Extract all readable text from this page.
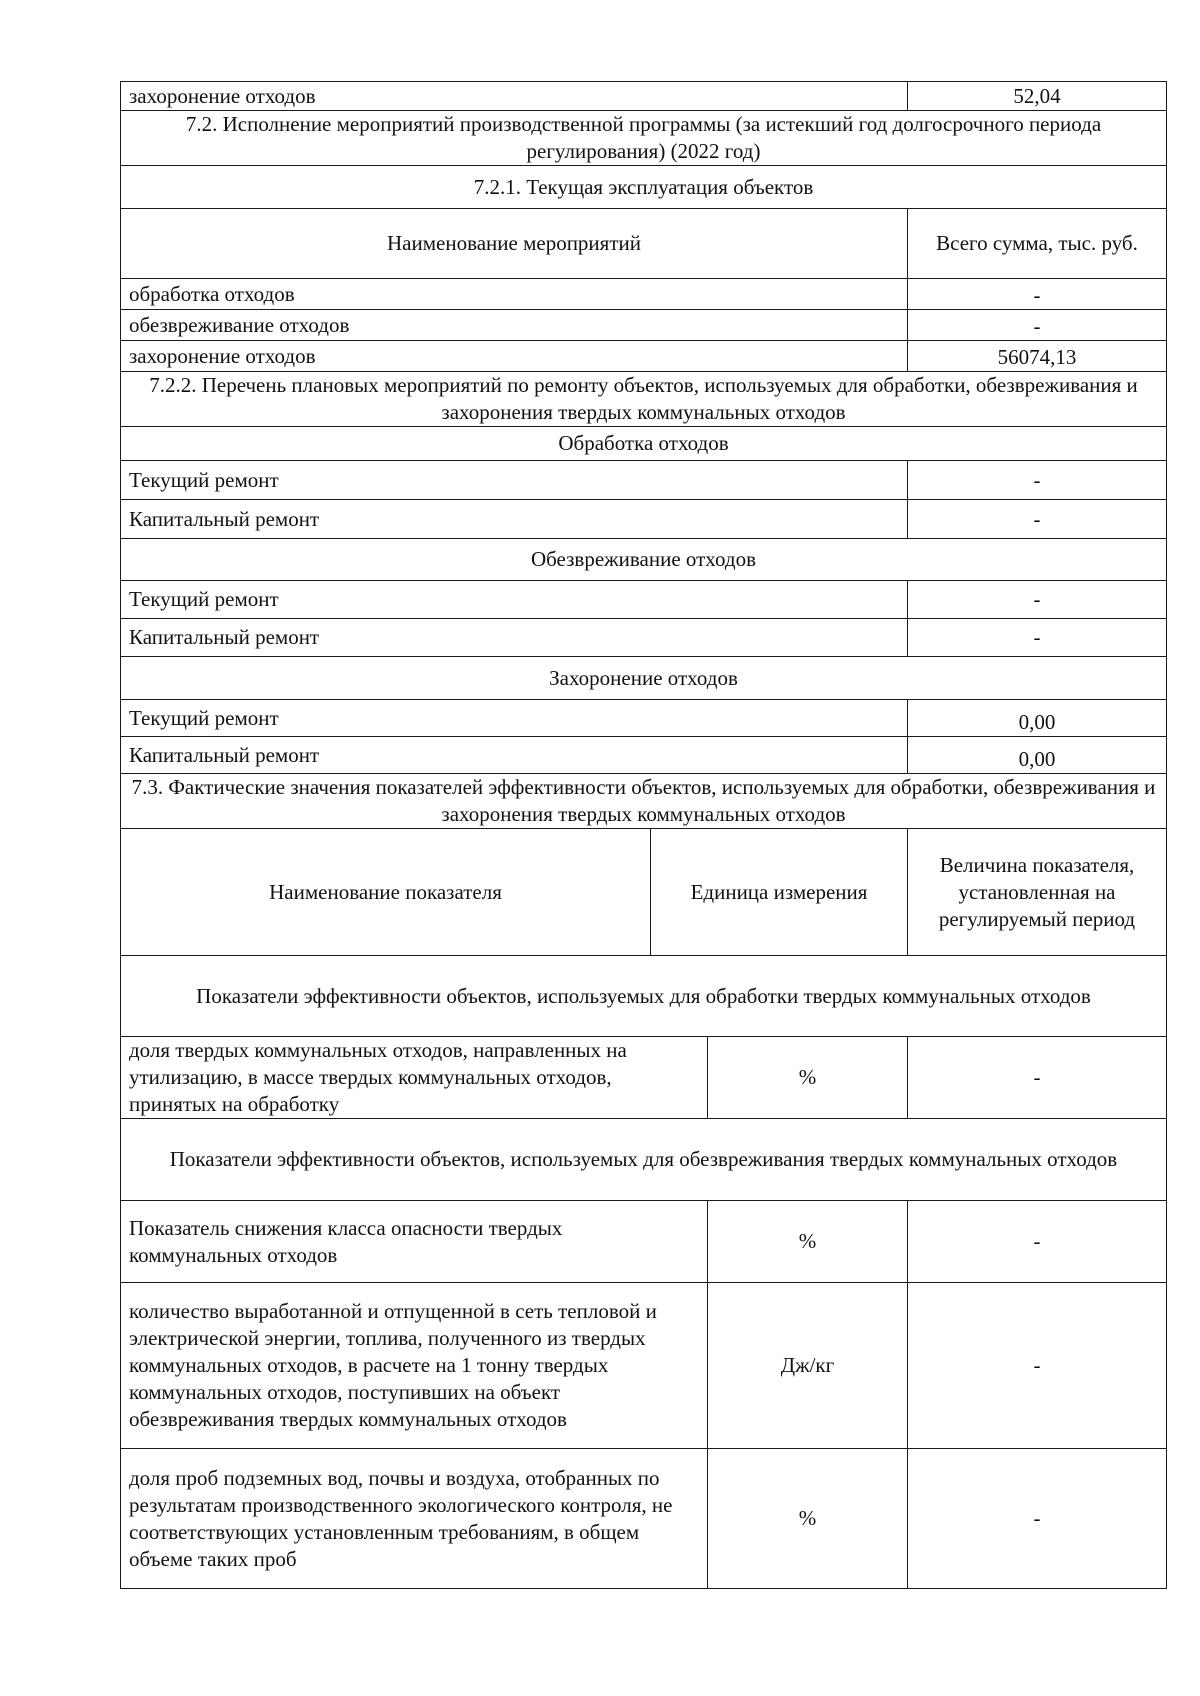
захоронение отходов			52,04
7.2. Исполнение мероприятий производственной программы (за истекший год долгосрочного периода регулирования) (2022 год)			
7.2.1. Текущая эксплуатация объектов			
Наименование мероприятий			Всего сумма, тыс. руб.
обработка отходов			-
обезвреживание отходов			-
захоронение отходов			56074,13
7.2.2. Перечень плановых мероприятий по ремонту объектов, используемых для обработки, обезвреживания и захоронения твердых коммунальных отходов			
Обработка отходов			
Текущий ремонт			-
Капитальный ремонт			-
Обезвреживание отходов			
Текущий ремонт			-
Капитальный ремонт			-
Захоронение отходов			
Текущий ремонт			0,00
Капитальный ремонт			0,00
7.3. Фактические значения показателей эффективности объектов, используемых для обработки, обезвреживания и захоронения твердых коммунальных отходов			
Наименование показателя	Единица измерения		Величина показателя, установленная на регулируемый период
Показатели эффективности объектов, используемых для обработки твердых коммунальных отходов			
доля твердых коммунальных отходов, направленных на утилизацию, в массе твердых коммунальных отходов, принятых на обработку		%	-
Показатели эффективности объектов, используемых для обезвреживания твердых коммунальных отходов			
Показатель снижения класса опасности твердых коммунальных отходов		%	-
количество выработанной и отпущенной в сеть тепловой и электрической энергии, топлива, полученного из твердых коммунальных отходов, в расчете на 1 тонну твердых коммунальных отходов, поступивших на объект обезвреживания твердых коммунальных отходов		Дж/кг	-
доля проб подземных вод, почвы и воздуха, отобранных по результатам производственного экологического контроля, не соответствующих установленным требованиям, в общем объеме таких проб		%	-
